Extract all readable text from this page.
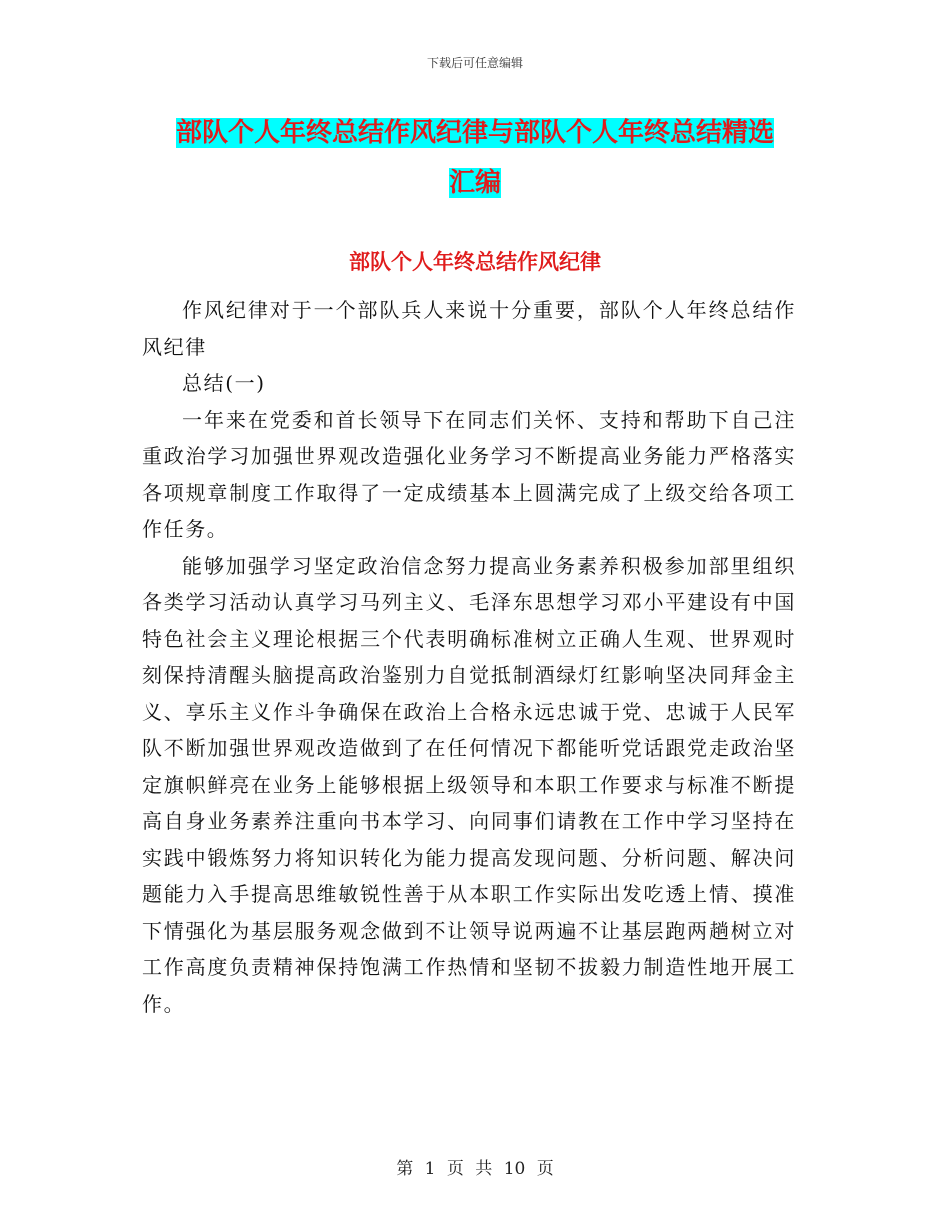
下载后可任意编辑
部队个人年终总结作风纪律与部队个人年终总结精选
汇编
部队个人年终总结作风纪律

作风纪律对于一个部队兵人来说十分重要，部队个人年终总结作风纪律

总结(一)

一年来在党委和首长领导下在同志们关怀、支持和帮助下自己注重政治学习加强世界观改造强化业务学习不断提高业务能力严格落实各项规章制度工作取得了一定成绩基本上圆满完成了上级交给各项工作任务。

能够加强学习坚定政治信念努力提高业务素养积极参加部里组织各类学习活动认真学习马列主义、毛泽东思想学习邓小平建设有中国特色社会主义理论根据三个代表明确标准树立正确人生观、世界观时刻保持清醒头脑提高政治鉴别力自觉抵制酒绿灯红影响坚决同拜金主义、享乐主义作斗争确保在政治上合格永远忠诚于党、忠诚于人民军队不断加强世界观改造做到了在任何情况下都能听党话跟党走政治坚定旗帜鲜亮在业务上能够根据上级领导和本职工作要求与标准不断提高自身业务素养注重向书本学习、向同事们请教在工作中学习坚持在实践中锻炼努力将知识转化为能力提高发现问题、分析问题、解决问题能力入手提高思维敏锐性善于从本职工作实际出发吃透上情、摸准下情强化为基层服务观念做到不让领导说两遍不让基层跑两趟树立对工作高度负责精神保持饱满工作热情和坚韧不拔毅力制造性地开展工作。

第 1 页 共 10 页
